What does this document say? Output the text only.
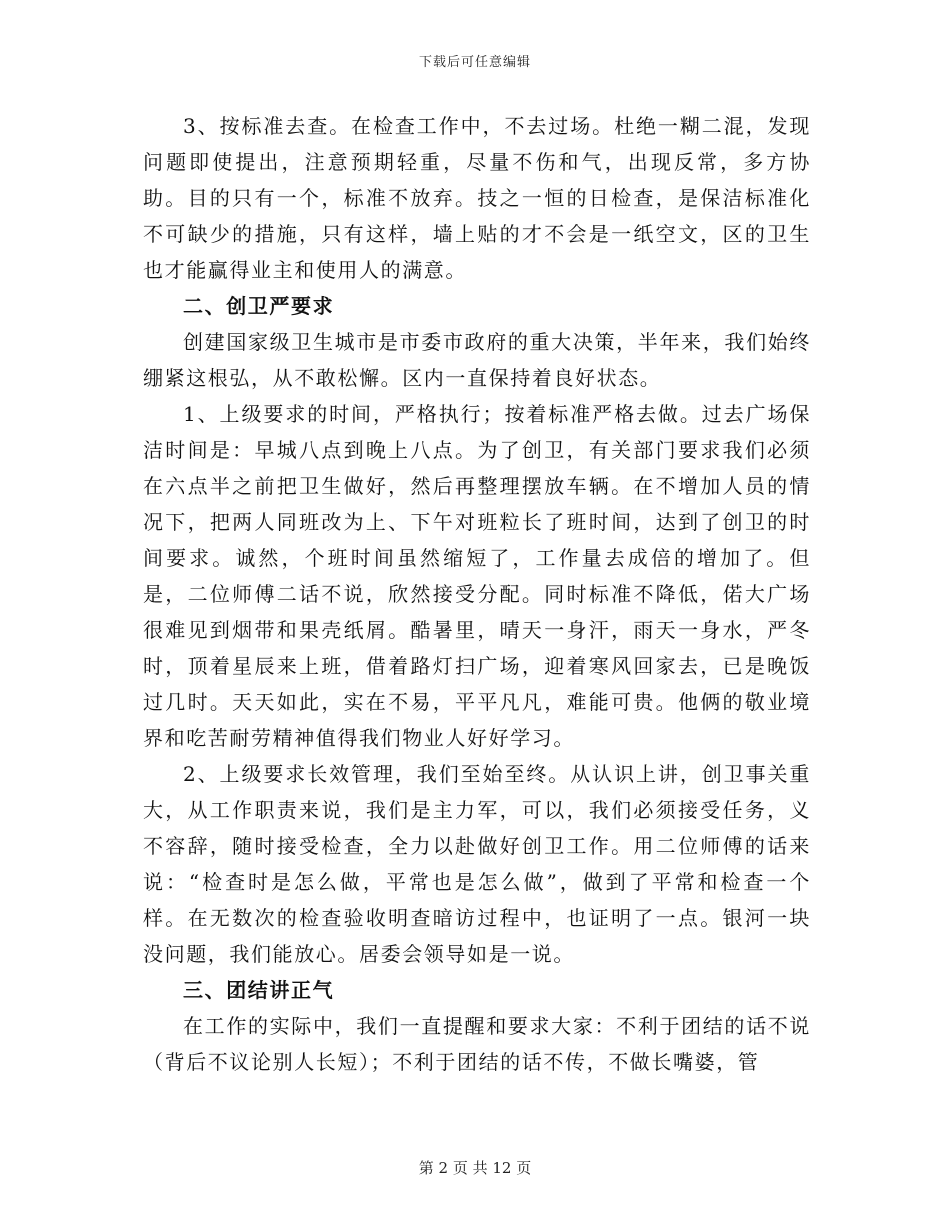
下载后可任意编辑

3、按标准去查。在检查工作中，不去过场。杜绝一糊二混，发现问题即使提出，注意预期轻重，尽量不伤和气，出现反常，多方协助。目的只有一个，标准不放弃。技之一恒的日检查，是保洁标准化不可缺少的措施，只有这样，墙上贴的才不会是一纸空文，区的卫生也才能赢得业主和使用人的满意。

二、创卫严要求

创建国家级卫生城市是市委市政府的重大决策，半年来，我们始终绷紧这根弘，从不敢松懈。区内一直保持着良好状态。

1、上级要求的时间，严格执行；按着标准严格去做。过去广场保洁时间是：早城八点到晚上八点。为了创卫，有关部门要求我们必须在六点半之前把卫生做好，然后再整理摆放车辆。在不增加人员的情况下，把两人同班改为上、下午对班粒长了班时间，达到了创卫的时间要求。诚然，个班时间虽然缩短了，工作量去成倍的增加了。但是，二位师傅二话不说，欣然接受分配。同时标准不降低，偌大广场很难见到烟带和果壳纸屑。酷暑里，晴天一身汗，雨天一身水，严冬时，顶着星辰来上班，借着路灯扫广场，迎着寒风回家去，已是晚饭过几时。天天如此，实在不易，平平凡凡，难能可贵。他俩的敬业境界和吃苦耐劳精神值得我们物业人好好学习。

2、上级要求长效管理，我们至始至终。从认识上讲，创卫事关重大，从工作职责来说，我们是主力军，可以，我们必须接受任务，义不容辞，随时接受检查，全力以赴做好创卫工作。用二位师傅的话来说：“检查时是怎么做，平常也是怎么做”，做到了平常和检查一个样。在无数次的检查验收明查暗访过程中，也证明了一点。银河一块没问题，我们能放心。居委会领导如是一说。

三、团结讲正气

在工作的实际中，我们一直提醒和要求大家：不利于团结的话不说（背后不议论别人长短）；不利于团结的话不传，不做长嘴婆，管

第 2 页 共 12 页
